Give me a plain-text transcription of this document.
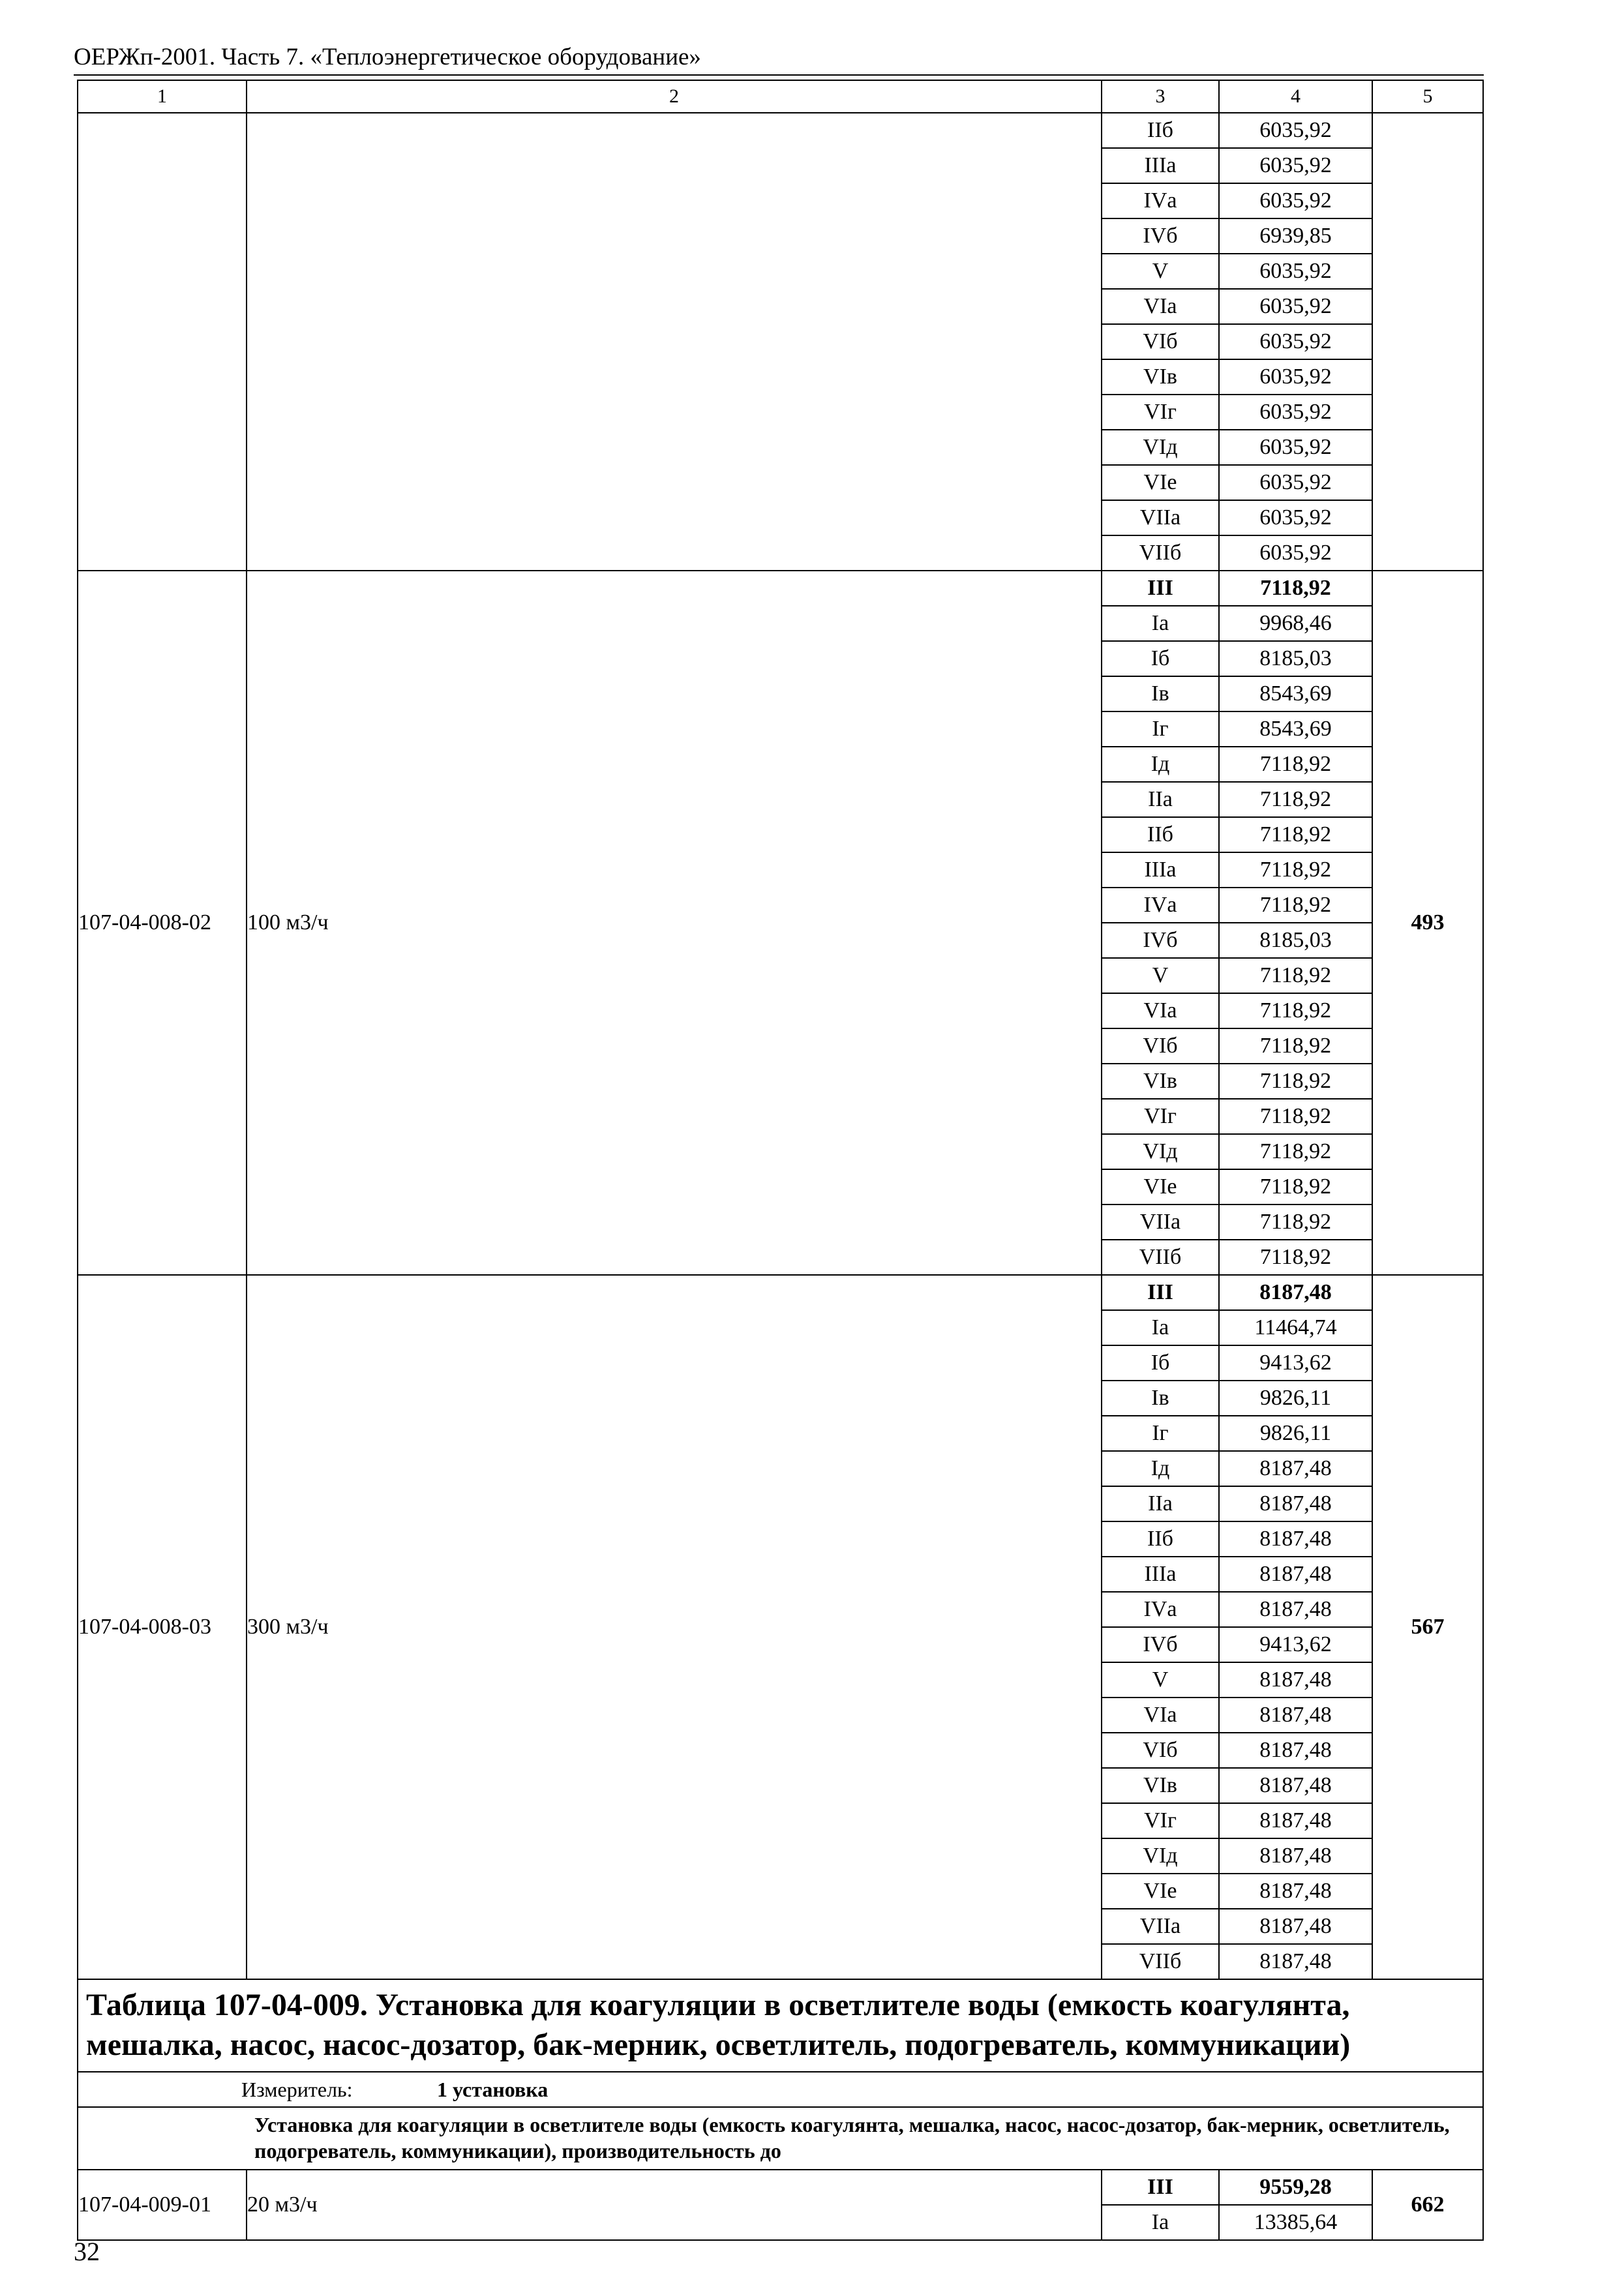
ОЕРЖп-2001. Часть 7. «Теплоэнергетическое оборудование»
1	2	3	4	5
		IIб	6035,92	
		IIIа	6035,92	
		IVа	6035,92	
		IVб	6939,85	
		V	6035,92	
		VIа	6035,92	
		VIб	6035,92	
		VIв	6035,92	
		VIг	6035,92	
		VIд	6035,92	
		VIе	6035,92	
		VIIа	6035,92	
		VIIб	6035,92	
107-04-008-02	100 м3/ч	III	7118,92	493
		Iа	9968,46	
		Iб	8185,03	
		Iв	8543,69	
		Iг	8543,69	
		Iд	7118,92	
		IIа	7118,92	
		IIб	7118,92	
		IIIа	7118,92	
		IVа	7118,92	
		IVб	8185,03	
		V	7118,92	
		VIа	7118,92	
		VIб	7118,92	
		VIв	7118,92	
		VIг	7118,92	
		VIд	7118,92	
		VIе	7118,92	
		VIIа	7118,92	
		VIIб	7118,92	
107-04-008-03	300 м3/ч	III	8187,48	567
		Iа	11464,74	
		Iб	9413,62	
		Iв	9826,11	
		Iг	9826,11	
		Iд	8187,48	
		IIа	8187,48	
		IIб	8187,48	
		IIIа	8187,48	
		IVа	8187,48	
		IVб	9413,62	
		V	8187,48	
		VIа	8187,48	
		VIб	8187,48	
		VIв	8187,48	
		VIг	8187,48	
		VIд	8187,48	
		VIе	8187,48	
		VIIа	8187,48	
		VIIб	8187,48	
Таблица 107-04-009. Установка для коагуляции в осветлителе воды (емкость коагулянта, мешалка, насос, насос-дозатор, бак-мерник, осветлитель, подогреватель, коммуникации)				
Измеритель: 1 установка				
Установка для коагуляции в осветлителе воды (емкость коагулянта, мешалка, насос, насос-дозатор, бак-мерник, осветлитель, подогреватель, коммуникации), производительность до				
107-04-009-01	20 м3/ч	III	9559,28	662
		Iа	13385,64	
32
